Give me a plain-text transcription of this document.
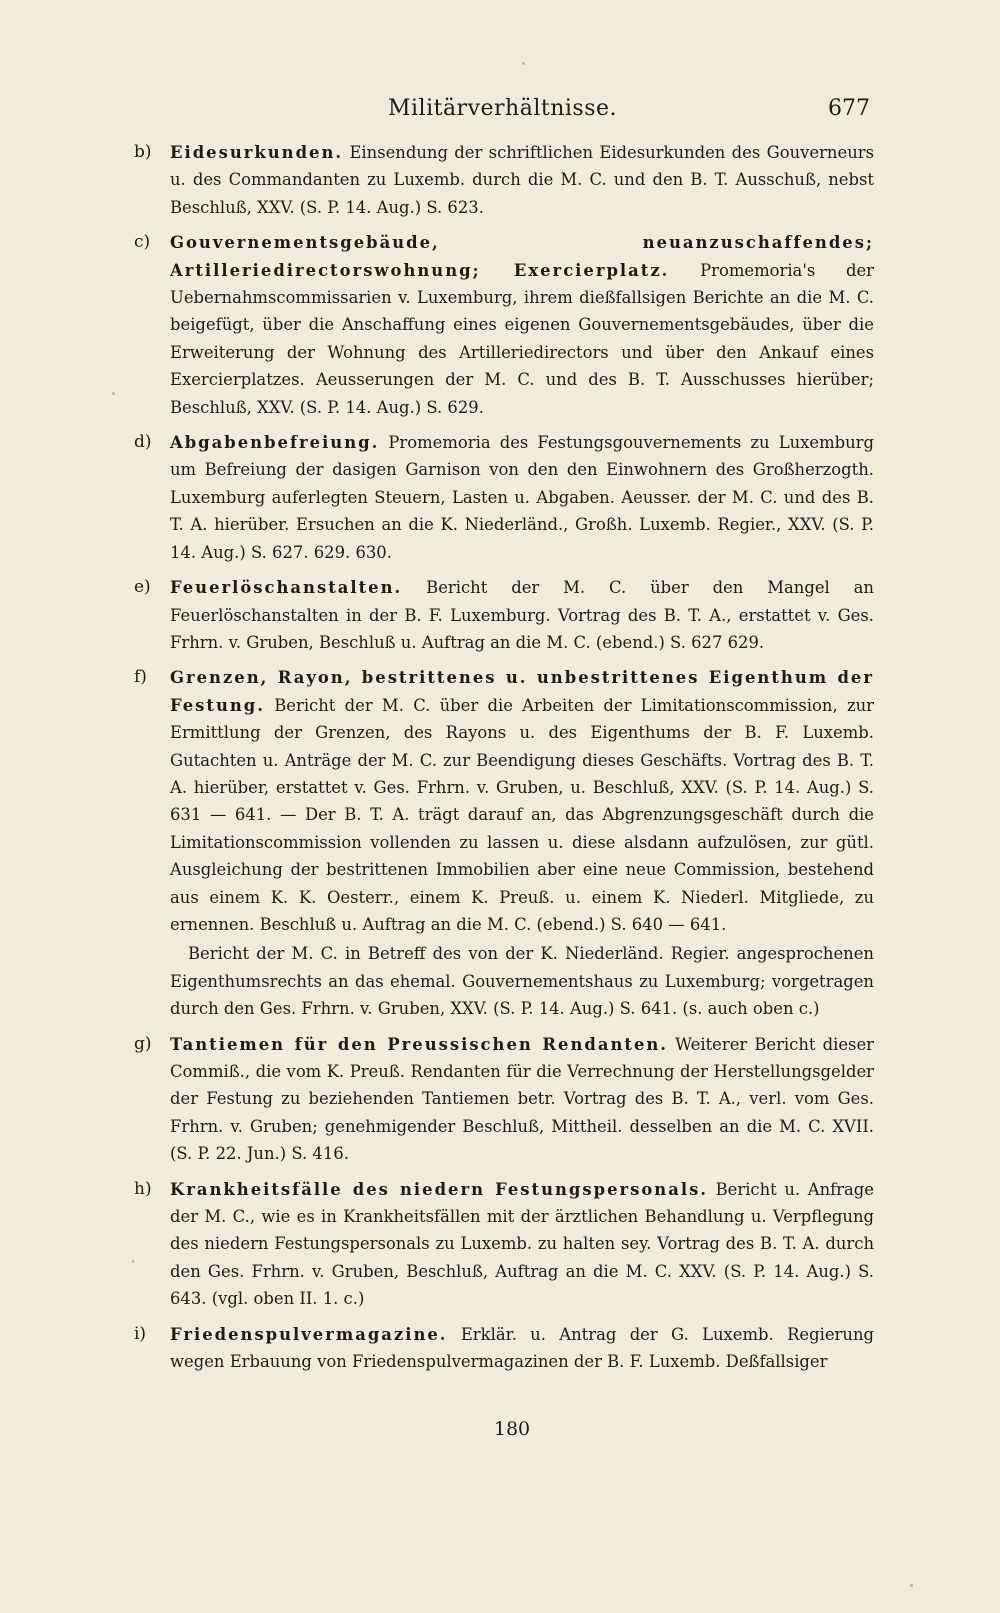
Militärverhältnisse.	677
b) Eidesurkunden. Einsendung der schriftlichen Eidesurkunden des Gouverneurs u. des Commandanten zu Luxemb. durch die M. C. und den B. T. Ausschuß, nebst Beschluß, XXV. (S. P. 14. Aug.) S. 623.
c) Gouvernementsgebäude, neuanzuschaffendes; Artilleriedirectorswohnung; Exercierplatz. Promemoria's der Uebernahmscommissarien v. Luxemburg, ihrem dießfallsigen Berichte an die M. C. beigefügt, über die Anschaffung eines eigenen Gouvernementsgebäudes, über die Erweiterung der Wohnung des Artilleriedirectors und über den Ankauf eines Exercierplatzes. Aeusserungen der M. C. und des B. T. Ausschusses hierüber; Beschluß, XXV. (S. P. 14. Aug.) S. 629.
d) Abgabenbefreiung. Promemoria des Festungsgouvernements zu Luxemburg um Befreiung der dasigen Garnison von den den Einwohnern des Großherzogth. Luxemburg auferlegten Steuern, Lasten u. Abgaben. Aeusser. der M. C. und des B. T. A. hierüber. Ersuchen an die K. Niederländ., Großh. Luxemb. Regier., XXV. (S. P. 14. Aug.) S. 627. 629. 630.
e) Feuerlöschanstalten. Bericht der M. C. über den Mangel an Feuerlöschanstalten in der B. F. Luxemburg. Vortrag des B. T. A., erstattet v. Ges. Frhrn. v. Gruben, Beschluß u. Auftrag an die M. C. (ebend.) S. 627 629.
f) Grenzen, Rayon, bestrittenes u. unbestrittenes Eigenthum der Festung. Bericht der M. C. über die Arbeiten der Limitationscommission, zur Ermittlung der Grenzen, des Rayons u. des Eigenthums der B. F. Luxemb. Gutachten u. Anträge der M. C. zur Beendigung dieses Geschäfts. Vortrag des B. T. A. hierüber, erstattet v. Ges. Frhrn. v. Gruben, u. Beschluß, XXV. (S. P. 14. Aug.) S. 631 — 641. — Der B. T. A. trägt darauf an, das Abgrenzungsgeschäft durch die Limitationscommission vollenden zu lassen u. diese alsdann aufzulösen, zur gütl. Ausgleichung der bestrittenen Immobilien aber eine neue Commission, bestehend aus einem K. K. Oesterr., einem K. Preuß. u. einem K. Niederl. Mitgliede, zu ernennen. Beschluß u. Auftrag an die M. C. (ebend.) S. 640 — 641.
Bericht der M. C. in Betreff des von der K. Niederländ. Regier. angesprochenen Eigenthumsrechts an das ehemal. Gouvernementshaus zu Luxemburg; vorgetragen durch den Ges. Frhrn. v. Gruben, XXV. (S. P. 14. Aug.) S. 641. (s. auch oben c.)
g) Tantiemen für den Preussischen Rendanten. Weiterer Bericht dieser Commiß., die vom K. Preuß. Rendanten für die Verrechnung der Herstellungsgelder der Festung zu beziehenden Tantiemen betr. Vortrag des B. T. A., verl. vom Ges. Frhrn. v. Gruben; genehmigender Beschluß, Mittheil. desselben an die M. C. XVII. (S. P. 22. Jun.) S. 416.
h) Krankheitsfälle des niedern Festungspersonals. Bericht u. Anfrage der M. C., wie es in Krankheitsfällen mit der ärztlichen Behandlung u. Verpflegung des niedern Festungspersonals zu Luxemb. zu halten sey. Vortrag des B. T. A. durch den Ges. Frhrn. v. Gruben, Beschluß, Auftrag an die M. C. XXV. (S. P. 14. Aug.) S. 643. (vgl. oben II. 1. c.)
i) Friedenspulvermagazine. Erklär. u. Antrag der G. Luxemb. Regierung wegen Erbauung von Friedenspulvermagazinen der B. F. Luxemb. Deßfallsiger
180
